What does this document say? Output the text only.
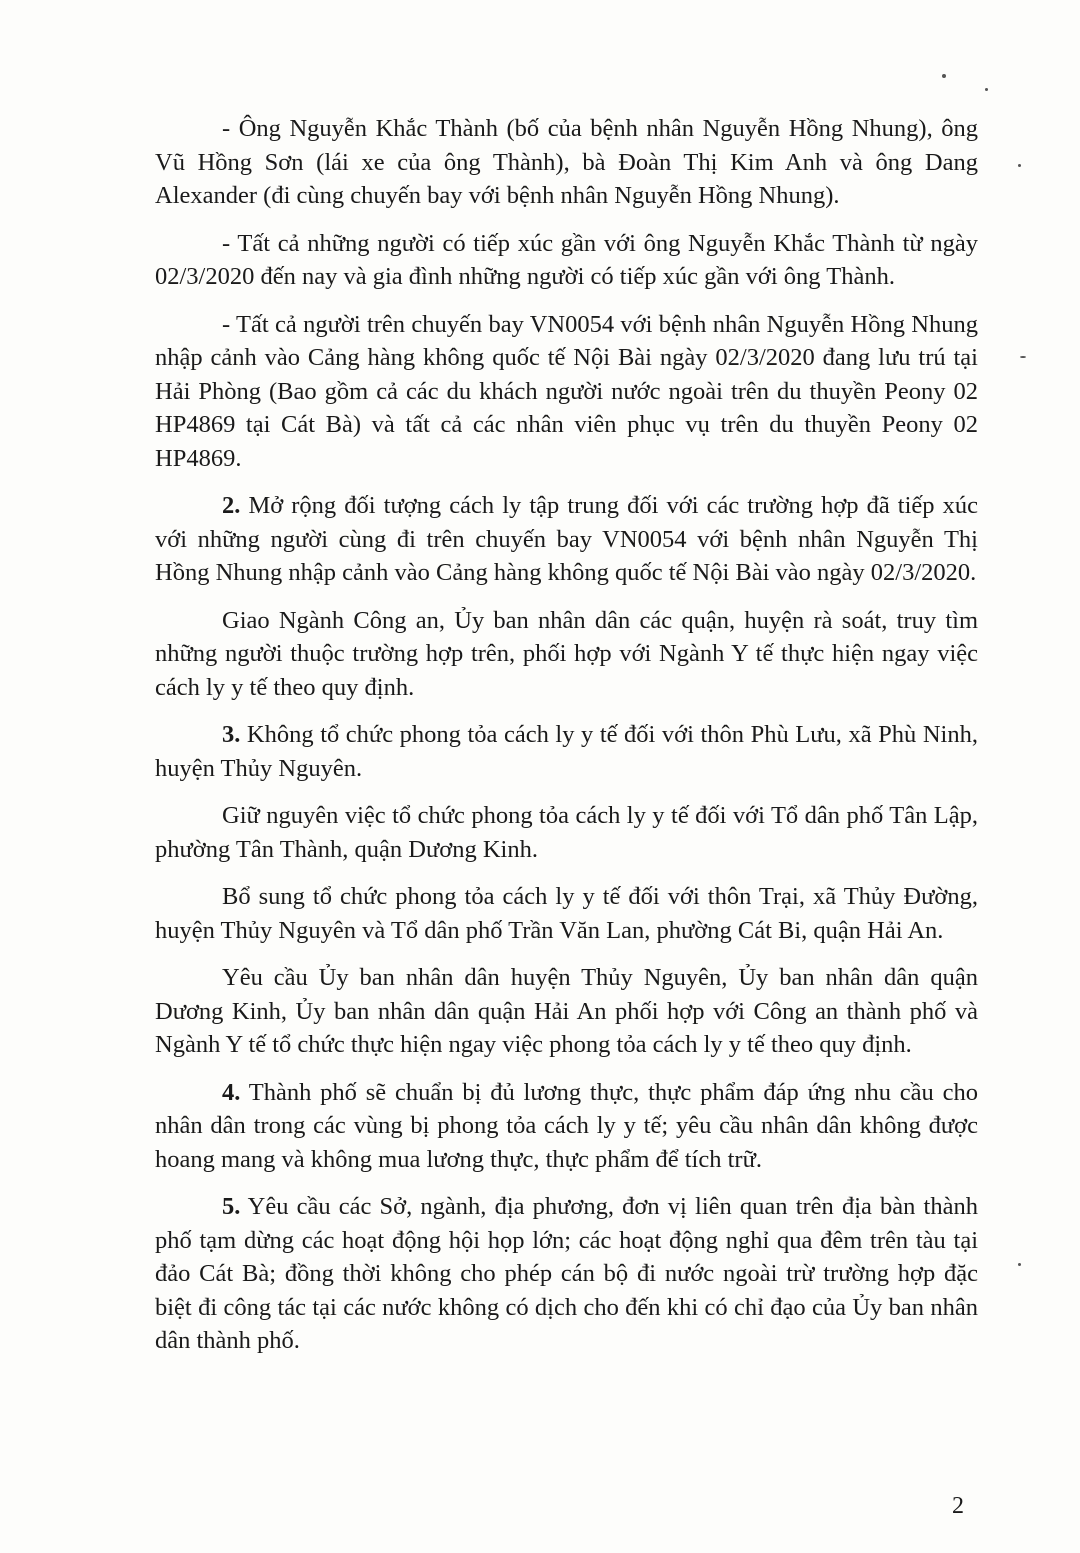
- Ông Nguyễn Khắc Thành (bố của bệnh nhân Nguyễn Hồng Nhung), ông Vũ Hồng Sơn (lái xe của ông Thành), bà Đoàn Thị Kim Anh và ông Dang Alexander (đi cùng chuyến bay với bệnh nhân Nguyễn Hồng Nhung).

- Tất cả những người có tiếp xúc gần với ông Nguyễn Khắc Thành từ ngày 02/3/2020 đến nay và gia đình những người có tiếp xúc gần với ông Thành.

- Tất cả người trên chuyến bay VN0054 với bệnh nhân Nguyễn Hồng Nhung nhập cảnh vào Cảng hàng không quốc tế Nội Bài ngày 02/3/2020 đang lưu trú tại Hải Phòng (Bao gồm cả các du khách người nước ngoài trên du thuyền Peony 02 HP4869 tại Cát Bà) và tất cả các nhân viên phục vụ trên du thuyền Peony 02 HP4869.

2. Mở rộng đối tượng cách ly tập trung đối với các trường hợp đã tiếp xúc với những người cùng đi trên chuyến bay VN0054 với bệnh nhân Nguyễn Thị Hồng Nhung nhập cảnh vào Cảng hàng không quốc tế Nội Bài vào ngày 02/3/2020.

Giao Ngành Công an, Ủy ban nhân dân các quận, huyện rà soát, truy tìm những người thuộc trường hợp trên, phối hợp với Ngành Y tế thực hiện ngay việc cách ly y tế theo quy định.

3. Không tổ chức phong tỏa cách ly y tế đối với thôn Phù Lưu, xã Phù Ninh, huyện Thủy Nguyên.

Giữ nguyên việc tổ chức phong tỏa cách ly y tế đối với Tổ dân phố Tân Lập, phường Tân Thành, quận Dương Kinh.

Bổ sung tổ chức phong tỏa cách ly y tế đối với thôn Trại, xã Thủy Đường, huyện Thủy Nguyên và Tổ dân phố Trần Văn Lan, phường Cát Bi, quận Hải An.

Yêu cầu Ủy ban nhân dân huyện Thủy Nguyên, Ủy ban nhân dân quận Dương Kinh, Ủy ban nhân dân quận Hải An phối hợp với Công an thành phố và Ngành Y tế tổ chức thực hiện ngay việc phong tỏa cách ly y tế theo quy định.

4. Thành phố sẽ chuẩn bị đủ lương thực, thực phẩm đáp ứng nhu cầu cho nhân dân trong các vùng bị phong tỏa cách ly y tế; yêu cầu nhân dân không được hoang mang và không mua lương thực, thực phẩm để tích trữ.

5. Yêu cầu các Sở, ngành, địa phương, đơn vị liên quan trên địa bàn thành phố tạm dừng các hoạt động hội họp lớn; các hoạt động nghỉ qua đêm trên tàu tại đảo Cát Bà; đồng thời không cho phép cán bộ đi nước ngoài trừ trường hợp đặc biệt đi công tác tại các nước không có dịch cho đến khi có chỉ đạo của Ủy ban nhân dân thành phố.

2
